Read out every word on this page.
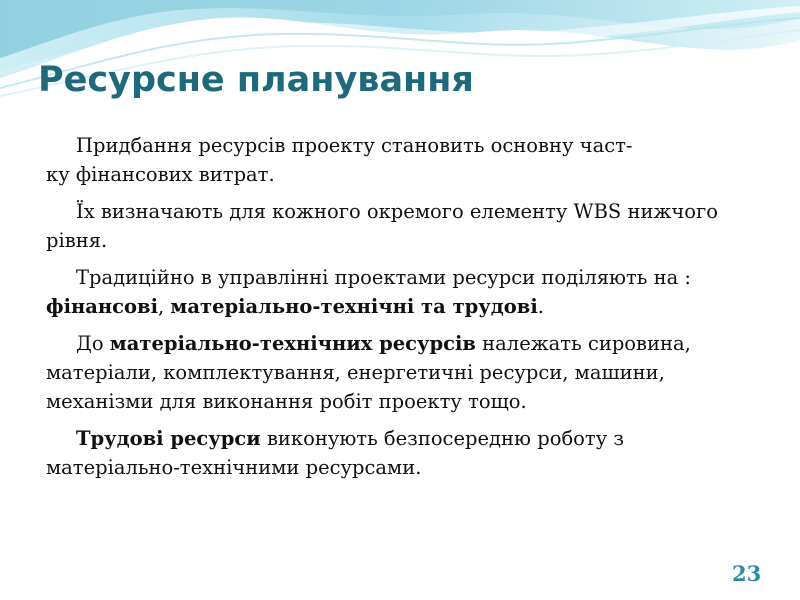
Ресурсне планування

Придбання ресурсів проекту становить основну част-
ку фінансових витрат.

Їх визначають для кожного окремого елементу WBS нижчого рівня.

Традиційно в управлінні проектами ресурси поділяють на : фінансові, матеріально-технічні та трудові.

До матеріально-технічних ресурсів належать сировина, матеріали, комплектування, енергетичні ресурси, машини, механізми для виконання робіт проекту тощо.

Трудові ресурси виконують безпосередню роботу з матеріально-технічними ресурсами.

23
